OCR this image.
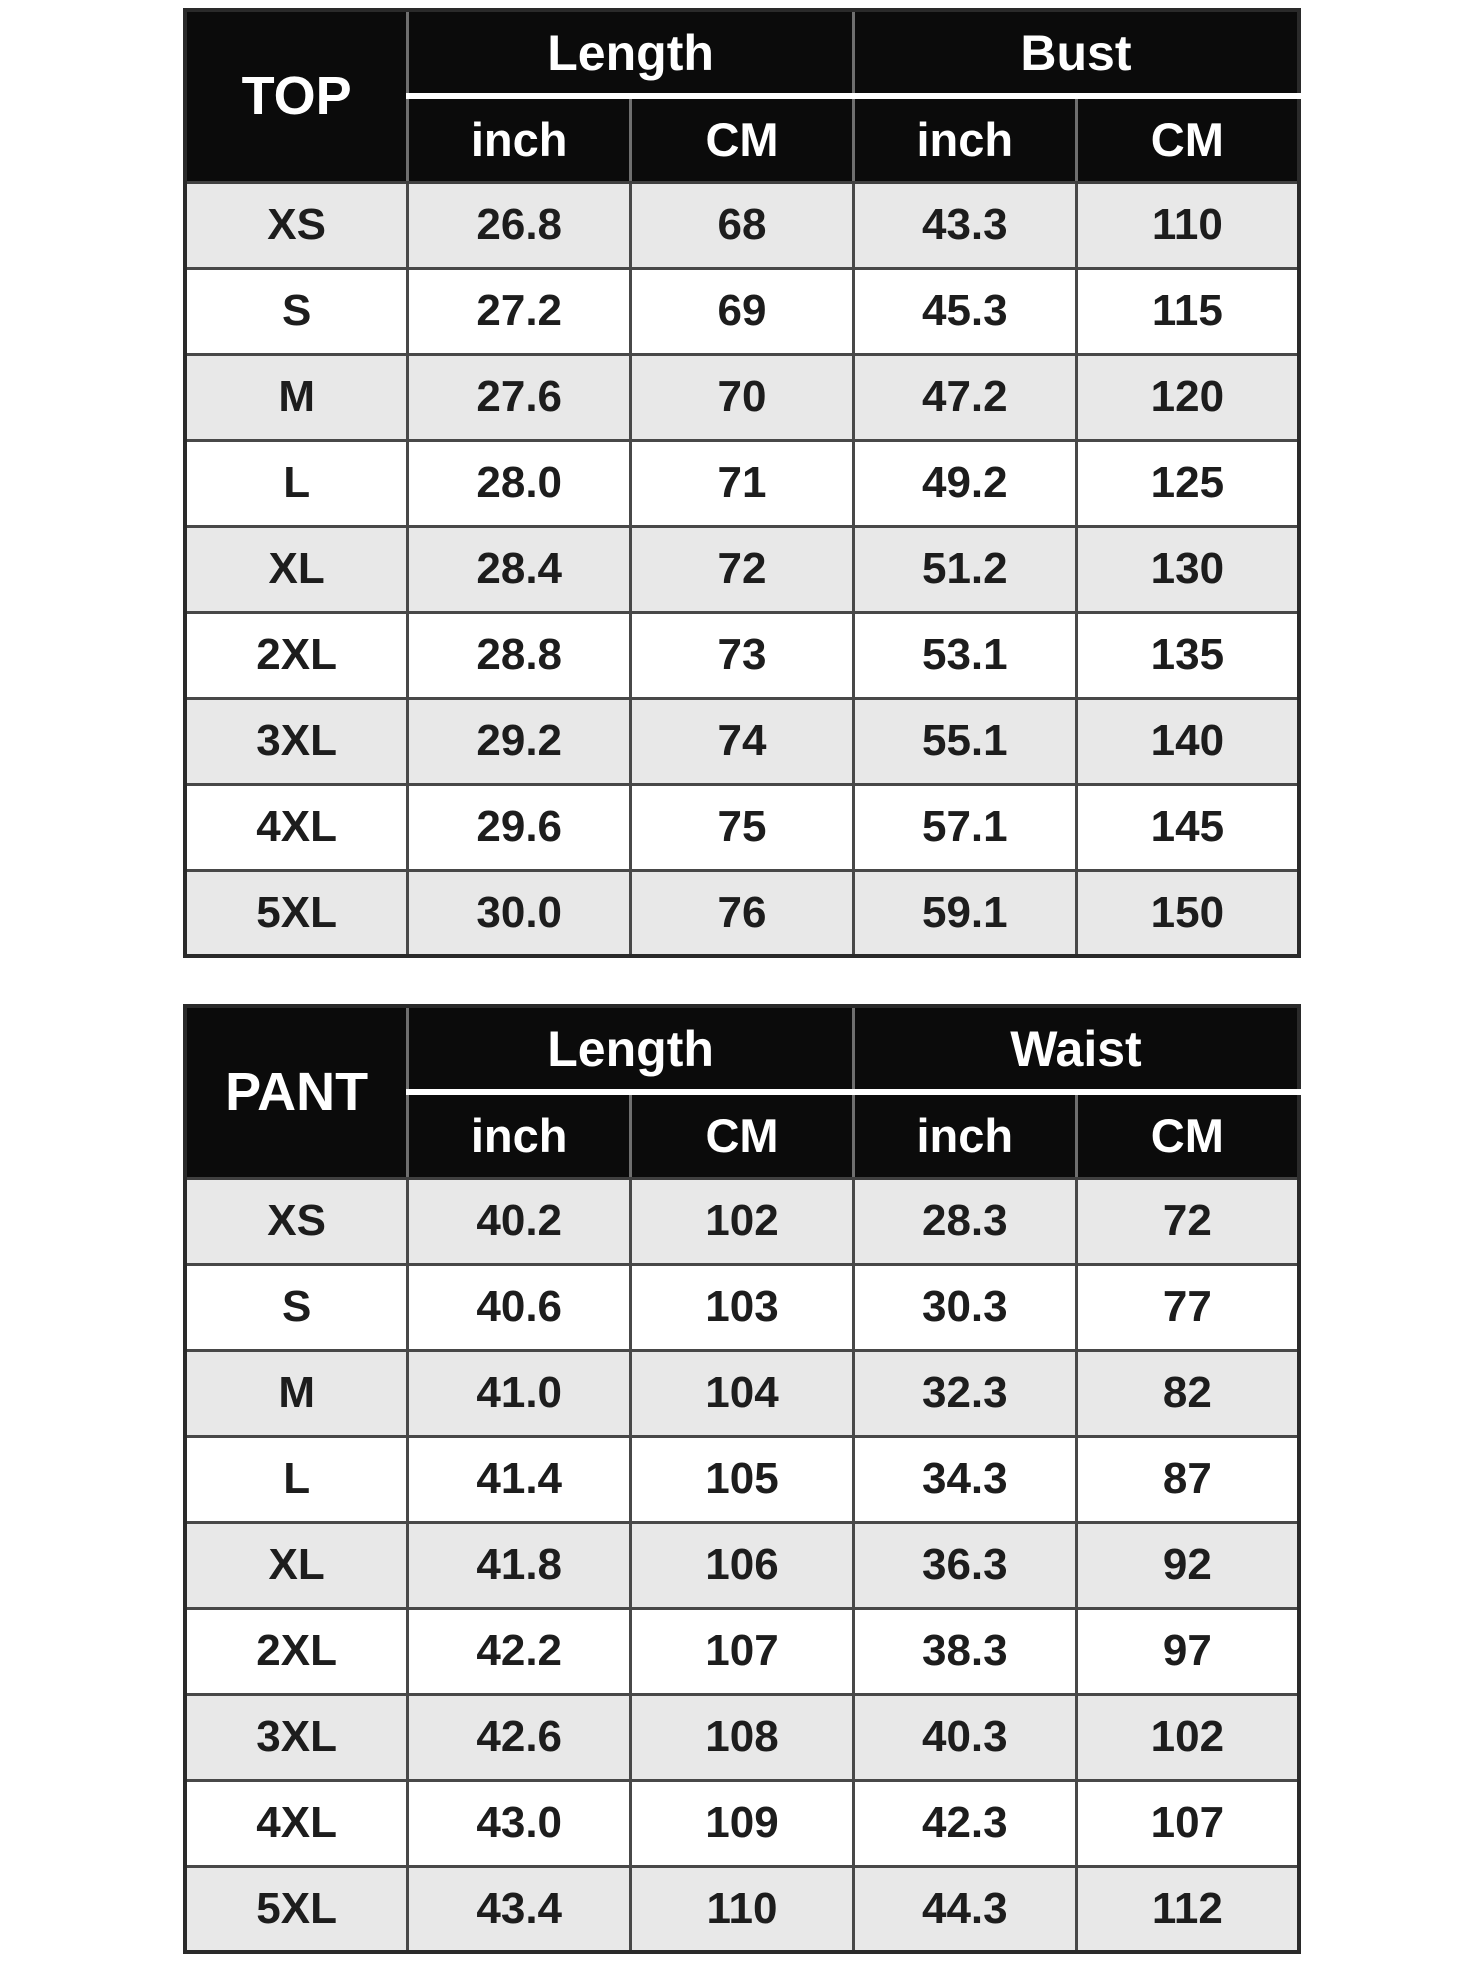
TOP	Length		Bust	
	inch	CM	inch	CM
XS	26.8	68	43.3	110
S	27.2	69	45.3	115
M	27.6	70	47.2	120
L	28.0	71	49.2	125
XL	28.4	72	51.2	130
2XL	28.8	73	53.1	135
3XL	29.2	74	55.1	140
4XL	29.6	75	57.1	145
5XL	30.0	76	59.1	150
PANT	Length		Waist	
	inch	CM	inch	CM
XS	40.2	102	28.3	72
S	40.6	103	30.3	77
M	41.0	104	32.3	82
L	41.4	105	34.3	87
XL	41.8	106	36.3	92
2XL	42.2	107	38.3	97
3XL	42.6	108	40.3	102
4XL	43.0	109	42.3	107
5XL	43.4	110	44.3	112
